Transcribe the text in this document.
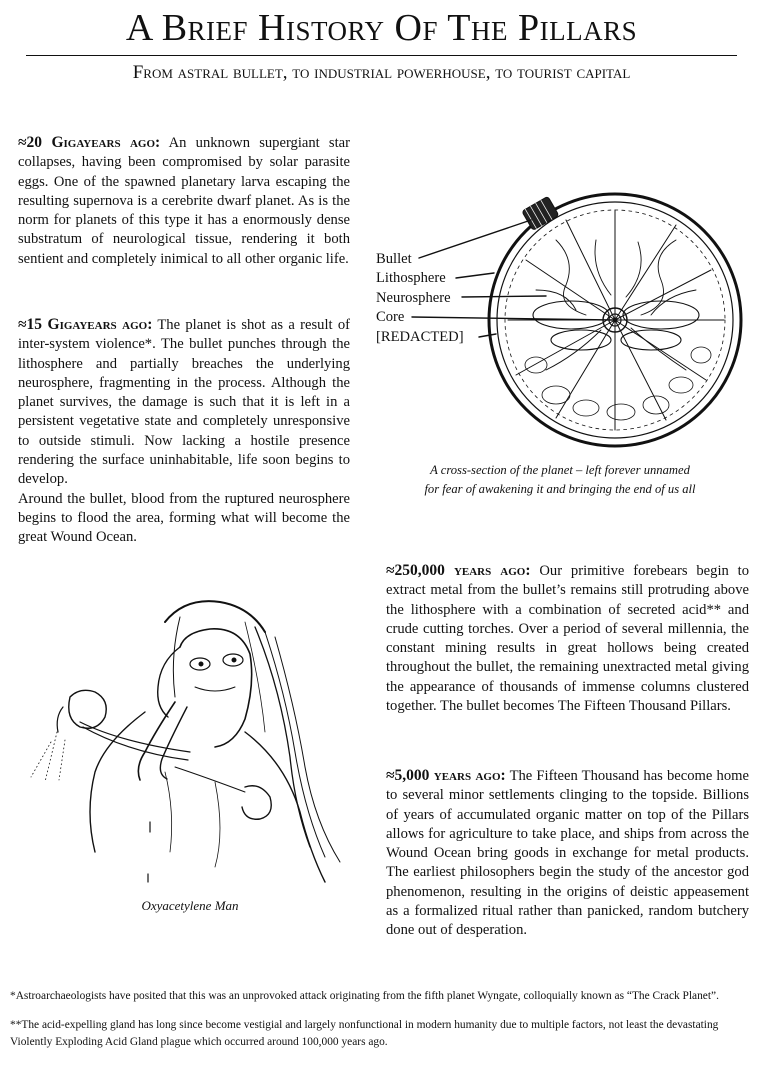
A Brief History Of The Pillars
From astral bullet, to industrial powerhouse, to tourist capital

≈20 Gigayears ago: An unknown supergiant star collapses, having been compromised by solar parasite eggs. One of the spawned planetary larva escaping the resulting supernova is a cerebrite dwarf planet. As is the norm for planets of this type it has a enormously dense substratum of neurological tissue, rendering it both sentient and completely inimical to all other organic life.

≈15 Gigayears ago: The planet is shot as a result of inter-system violence*. The bullet punches through the lithosphere and partially breaches the underlying neurosphere, fragmenting in the process. Although the planet survives, the damage is such that it is left in a persistent vegetative state and completely unresponsive to outside stimuli. Now lacking a hostile presence rendering the surface uninhabitable, life soon begins to develop.

Around the bullet, blood from the ruptured neurosphere begins to flood the area, forming what will become the great Wound Ocean.

Bullet
Lithosphere
Neurosphere
Core
[REDACTED]
A cross-section of the planet – left forever unnamed
for fear of awakening it and bringing the end of us all

≈250,000 years ago: Our primitive forebears begin to extract metal from the bullet’s remains still protruding above the lithosphere with a combination of secreted acid** and crude cutting torches. Over a period of several millennia, the constant mining results in great hollows being created throughout the bullet, the remaining unextracted metal giving the appearance of thousands of immense columns clustered together. The bullet becomes The Fifteen Thousand Pillars.

≈5,000 years ago: The Fifteen Thousand has become home to several minor settlements clinging to the topside. Billions of years of accumulated organic matter on top of the Pillars allows for agriculture to take place, and ships from across the Wound Ocean bring goods in exchange for metal products. The earliest philosophers begin the study of the ancestor god phenomenon, resulting in the origins of deistic appeasement as a formalized ritual rather than panicked, random butchery done out of desperation.

Oxyacetylene Man

*Astroarchaeologists have posited that this was an unprovoked attack originating from the fifth planet Wyngate, colloquially known as “The Crack Planet”.

**The acid-expelling gland has long since become vestigial and largely nonfunctional in modern humanity due to multiple factors, not least the devastating Violently Exploding Acid Gland plague which occurred around 100,000 years ago.
